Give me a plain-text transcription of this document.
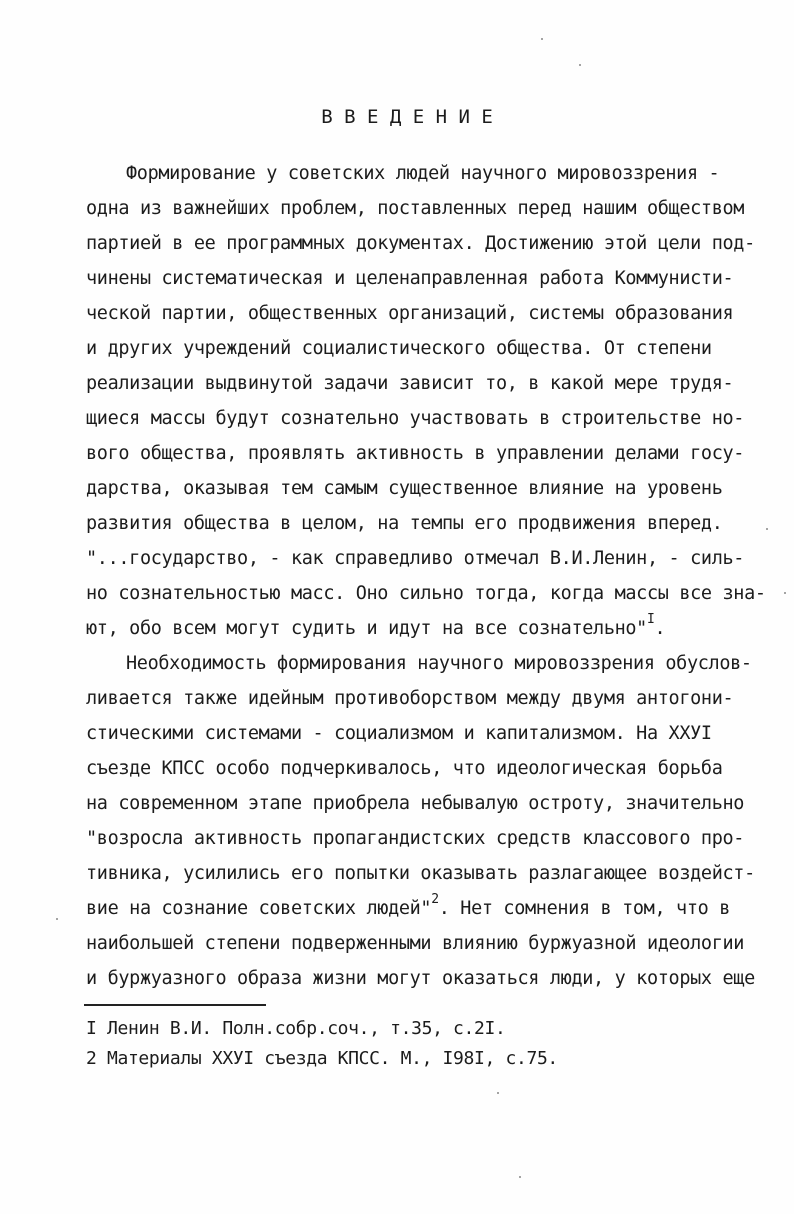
В В Е Д Е Н И Е
Формирование у советских людей научного мировоззрения -
одна из важнейших проблем, поставленных перед нашим обществом
партией в ее программных документах. Достижению этой цели под-
чинены систематическая и целенаправленная работа Коммунисти-
ческой партии, общественных организаций, системы образования
и других учреждений социалистического общества. От степени
реализации выдвинутой задачи зависит то, в какой мере трудя-
щиеся массы будут сознательно участвовать в строительстве но-
вого общества, проявлять активность в управлении делами госу-
дарства, оказывая тем самым существенное влияние на уровень
развития общества в целом, на темпы его продвижения вперед.
"...государство, - как справедливо отмечал В.И.Ленин, - силь-
но сознательностью масс. Оно сильно тогда, когда массы все зна-
ют, обо всем могут судить и идут на все сознательно"$^I$.
Необходимость формирования научного мировоззрения обуслов-
ливается также идейным противоборством между двумя антогони-
стическими системами - социализмом и капитализмом. На ХХУI
съезде КПСС особо подчеркивалось, что идеологическая борьба
на современном этапе приобрела небывалую остроту, значительно
"возросла активность пропагандистских средств классового про-
тивника, усилились его попытки оказывать разлагающее воздейст-
вие на сознание советских людей"$^2$. Нет сомнения в том, что в
наибольшей степени подверженными влиянию буржуазной идеологии
и буржуазного образа жизни могут оказаться люди, у которых еще
I Ленин В.И. Полн.собр.соч., т.35, с.2I.
2 Материалы ХХУI съезда КПСС. М., I98I, с.75.
